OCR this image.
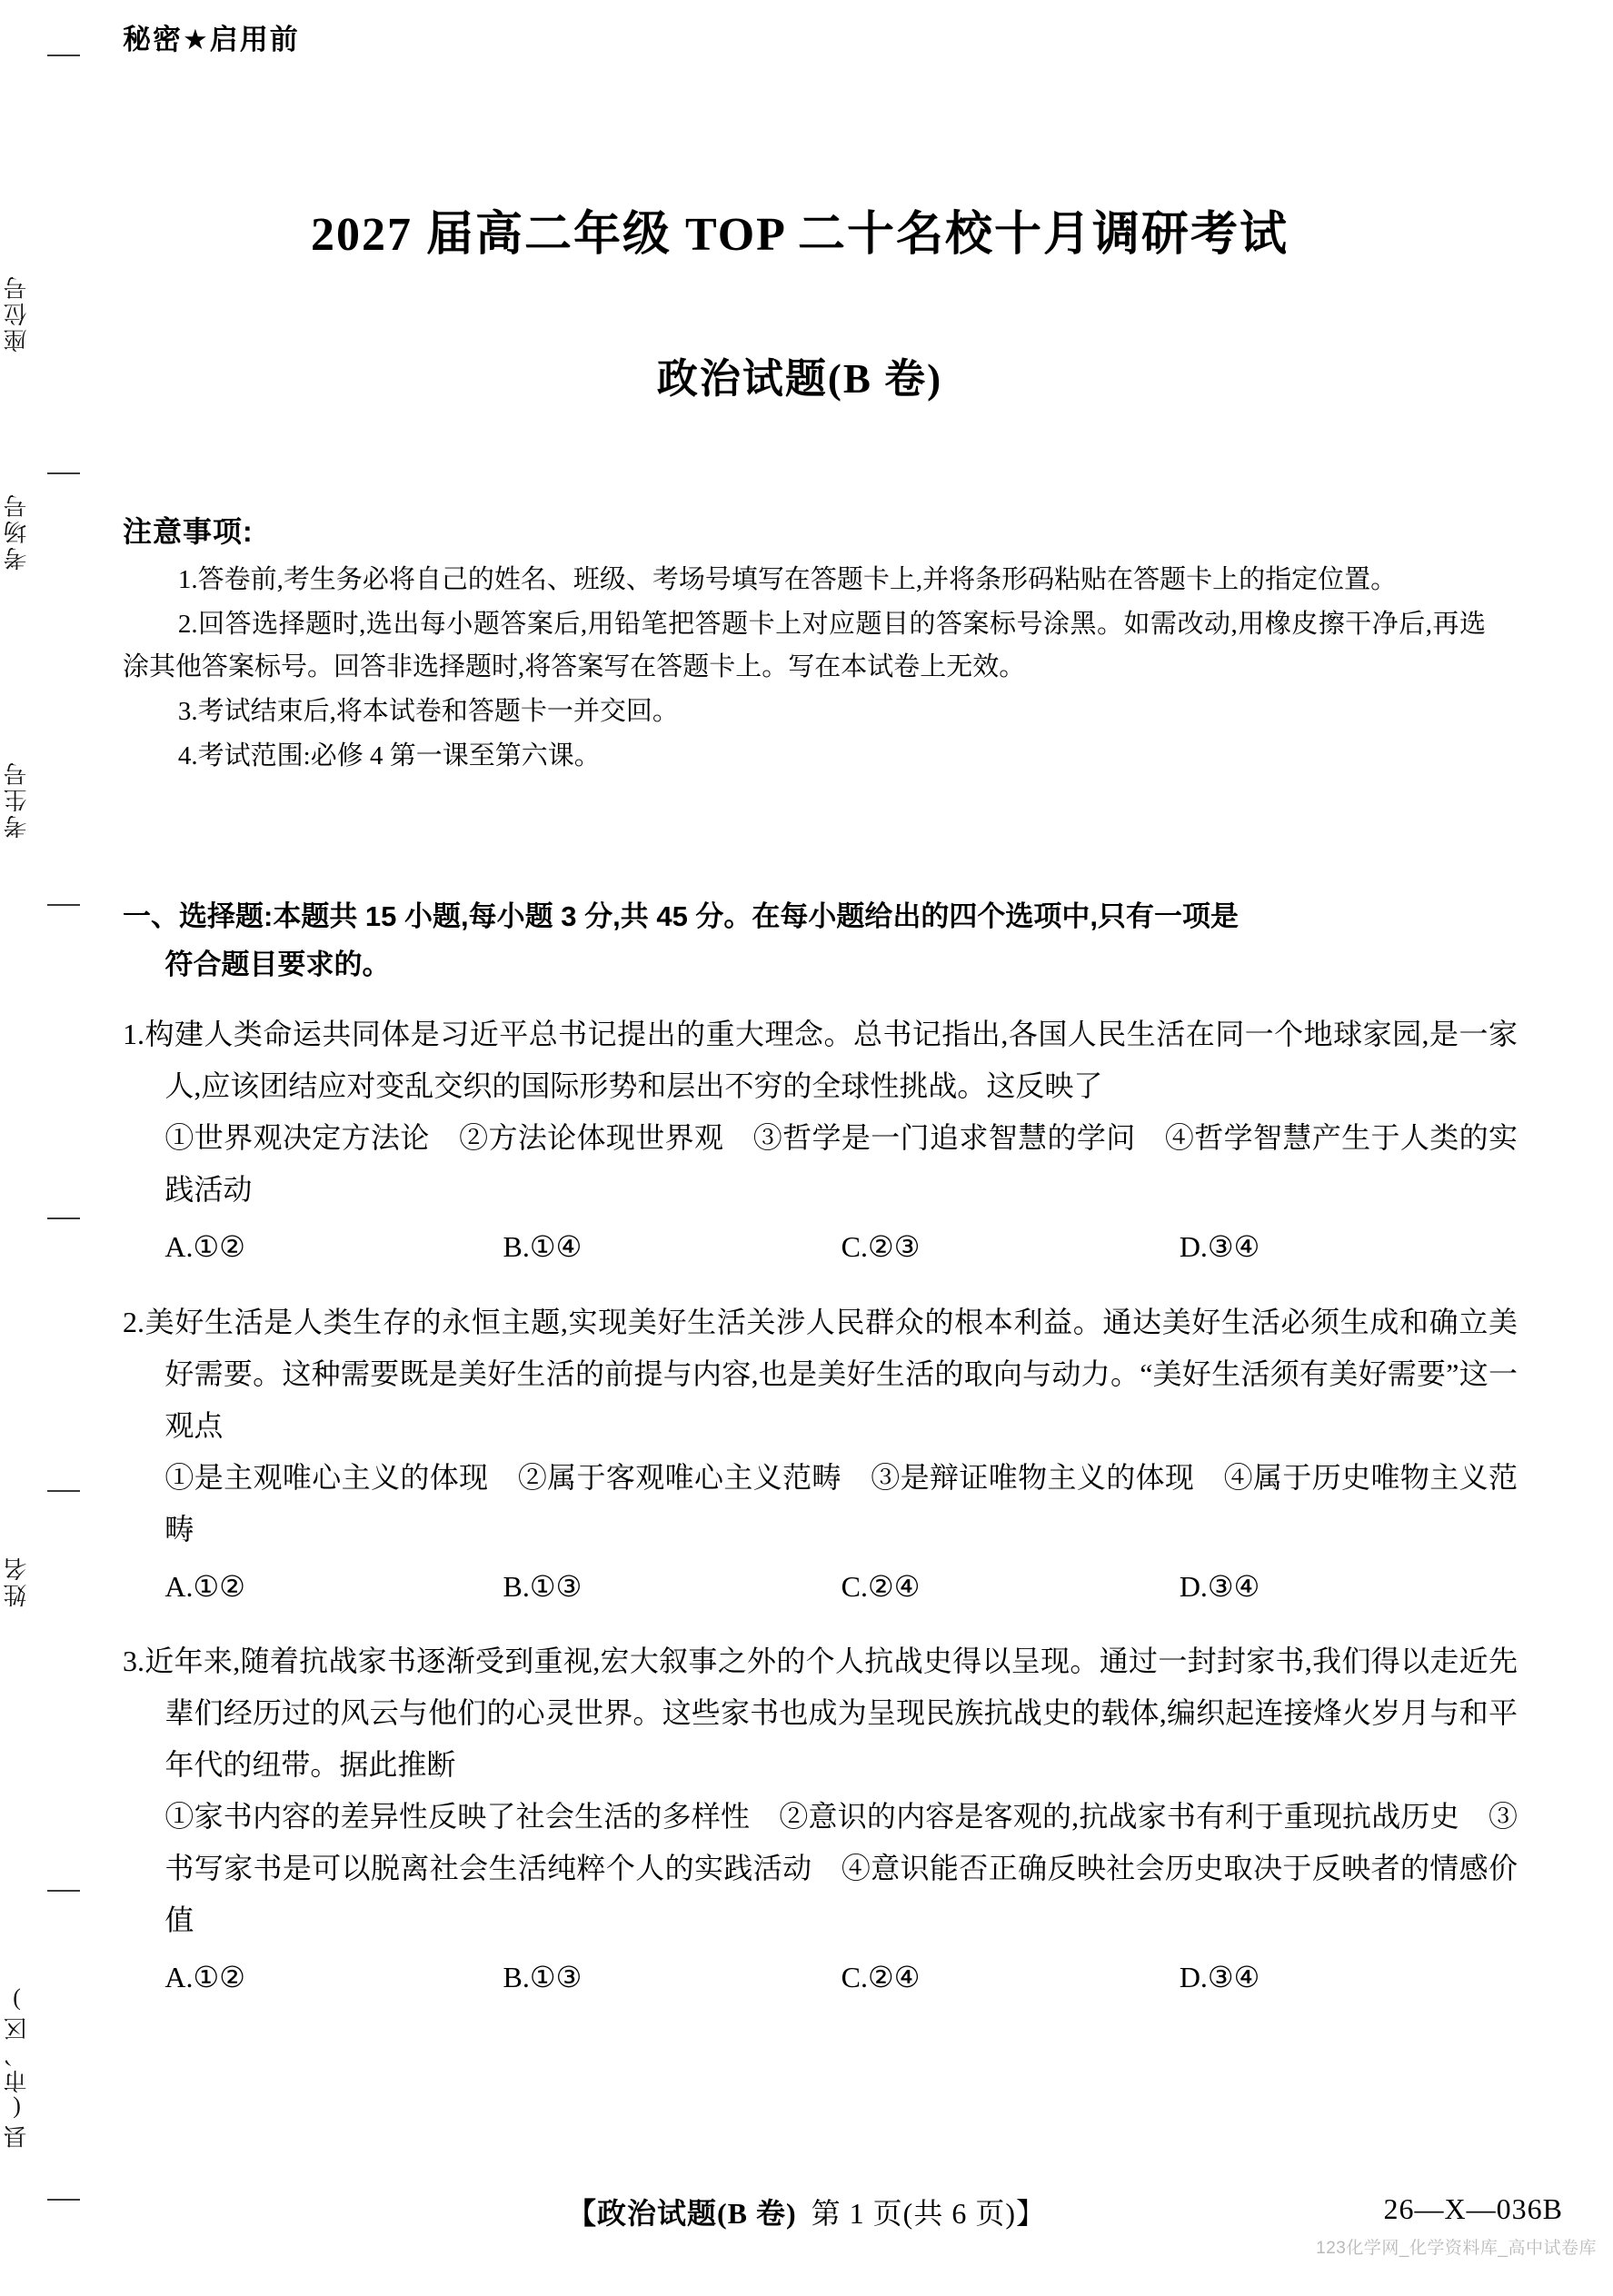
座位号
考场号
考生号
姓名
县(市、区)
秘密★启用前
2027 届高二年级 TOP 二十名校十月调研考试
政治试题(B 卷)
注意事项:

1.答卷前,考生务必将自己的姓名、班级、考场号填写在答题卡上,并将条形码粘贴在答题卡上的指定位置。

2.回答选择题时,选出每小题答案后,用铅笔把答题卡上对应题目的答案标号涂黑。如需改动,用橡皮擦干净后,再选涂其他答案标号。回答非选择题时,将答案写在答题卡上。写在本试卷上无效。

3.考试结束后,将本试卷和答题卡一并交回。

4.考试范围:必修 4 第一课至第六课。

一、选择题:本题共 15 小题,每小题 3 分,共 45 分。在每小题给出的四个选项中,只有一项是
符合题目要求的。
1.构建人类命运共同体是习近平总书记提出的重大理念。总书记指出,各国人民生活在同一个地球家园,是一家人,应该团结应对变乱交织的国际形势和层出不穷的全球性挑战。这反映了
①世界观决定方法论　②方法论体现世界观　③哲学是一门追求智慧的学问　④哲学智慧产生于人类的实践活动
A.①②	B.①④	C.②③	D.③④
2.美好生活是人类生存的永恒主题,实现美好生活关涉人民群众的根本利益。通达美好生活必须生成和确立美好需要。这种需要既是美好生活的前提与内容,也是美好生活的取向与动力。“美好生活须有美好需要”这一观点
①是主观唯心主义的体现　②属于客观唯心主义范畴　③是辩证唯物主义的体现　④属于历史唯物主义范畴
A.①②	B.①③	C.②④	D.③④
3.近年来,随着抗战家书逐渐受到重视,宏大叙事之外的个人抗战史得以呈现。通过一封封家书,我们得以走近先辈们经历过的风云与他们的心灵世界。这些家书也成为呈现民族抗战史的载体,编织起连接烽火岁月与和平年代的纽带。据此推断
①家书内容的差异性反映了社会生活的多样性　②意识的内容是客观的,抗战家书有利于重现抗战历史　③书写家书是可以脱离社会生活纯粹个人的实践活动　④意识能否正确反映社会历史取决于反映者的情感价值
A.①②	B.①③	C.②④	D.③④
【政治试题(B 卷) 第 1 页(共 6 页)】	26—X—036B
123化学网_化学资料库_高中试卷库
